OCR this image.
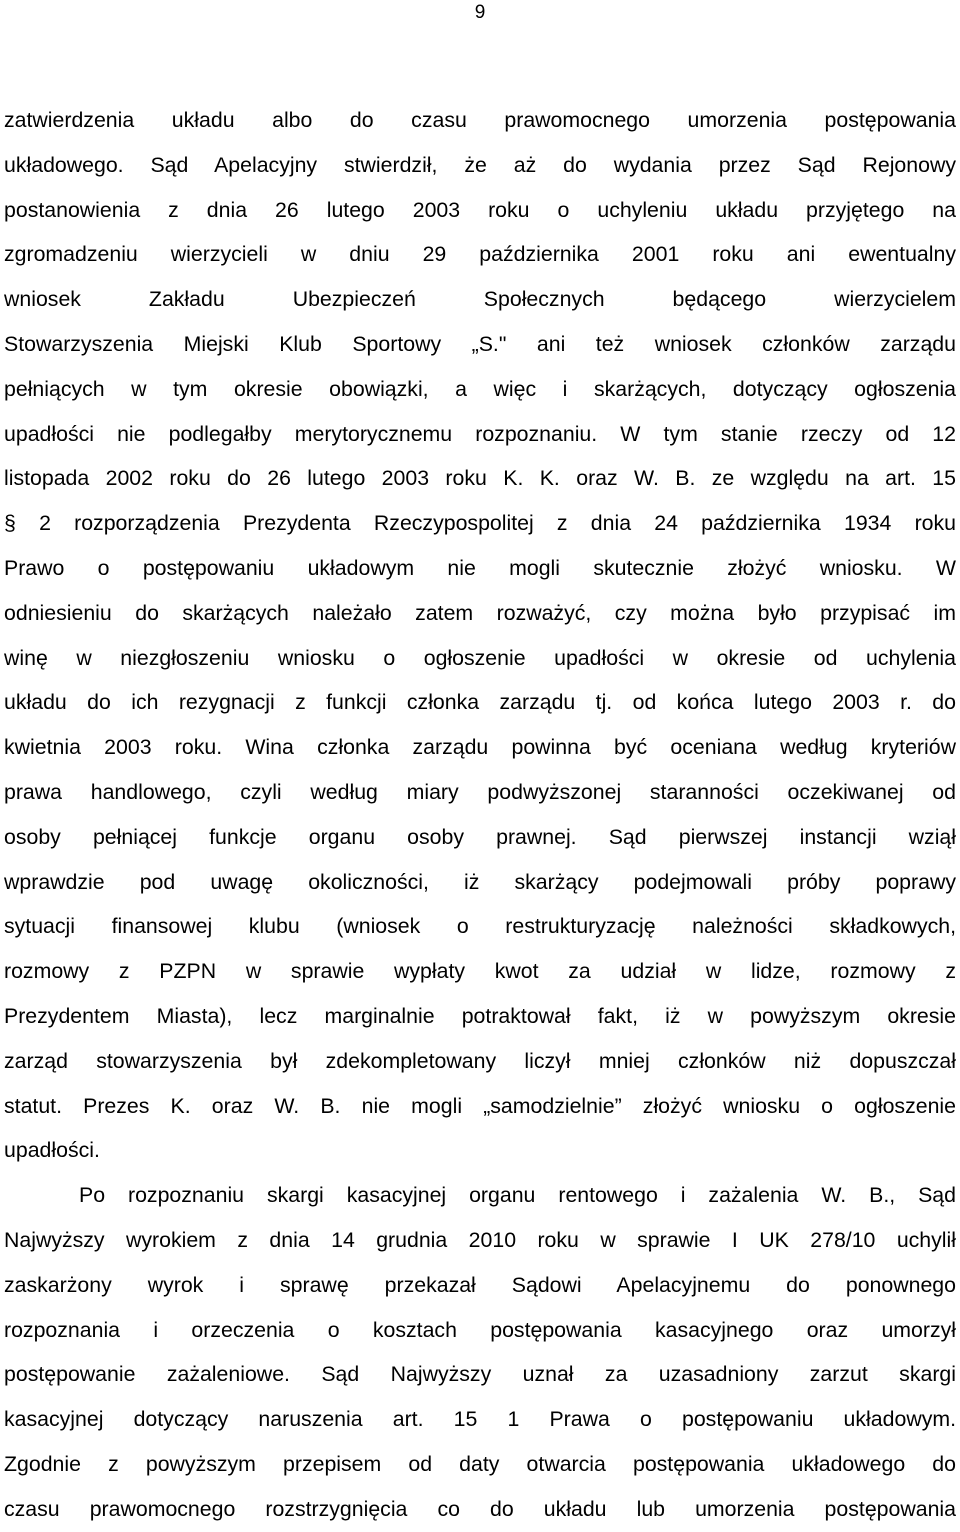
9
zatwierdzenia układu albo do czasu prawomocnego umorzenia postępowania
układowego. Sąd Apelacyjny stwierdził, że aż do wydania przez Sąd Rejonowy
postanowienia z dnia 26 lutego 2003 roku o uchyleniu układu przyjętego na
zgromadzeniu wierzycieli w dniu 29 października 2001 roku ani ewentualny
wniosek Zakładu Ubezpieczeń Społecznych będącego wierzycielem
Stowarzyszenia Miejski Klub Sportowy „S." ani też wniosek członków zarządu
pełniących w tym okresie obowiązki, a więc i skarżących, dotyczący ogłoszenia
upadłości nie podlegałby merytorycznemu rozpoznaniu. W tym stanie rzeczy od 12
listopada 2002 roku do 26 lutego 2003 roku K. K. oraz W. B. ze względu na art. 15
§ 2 rozporządzenia Prezydenta Rzeczypospolitej z dnia 24 października 1934 roku
Prawo o postępowaniu układowym nie mogli skutecznie złożyć wniosku. W
odniesieniu do skarżących należało zatem rozważyć, czy można było przypisać im
winę w niezgłoszeniu wniosku o ogłoszenie upadłości w okresie od uchylenia
układu do ich rezygnacji z funkcji członka zarządu tj. od końca lutego 2003 r. do
kwietnia 2003 roku. Wina członka zarządu powinna być oceniana według kryteriów
prawa handlowego, czyli według miary podwyższonej staranności oczekiwanej od
osoby pełniącej funkcje organu osoby prawnej. Sąd pierwszej instancji wziął
wprawdzie pod uwagę okoliczności, iż skarżący podejmowali próby poprawy
sytuacji finansowej klubu (wniosek o restrukturyzację należności składkowych,
rozmowy z PZPN w sprawie wypłaty kwot za udział w lidze, rozmowy z
Prezydentem Miasta), lecz marginalnie potraktował fakt, iż w powyższym okresie
zarząd stowarzyszenia był zdekompletowany liczył mniej członków niż dopuszczał
statut. Prezes K. oraz W. B. nie mogli „samodzielnie” złożyć wniosku o ogłoszenie
upadłości.
Po rozpoznaniu skargi kasacyjnej organu rentowego i zażalenia W. B., Sąd
Najwyższy wyrokiem z dnia 14 grudnia 2010 roku w sprawie I UK 278/10 uchylił
zaskarżony wyrok i sprawę przekazał Sądowi Apelacyjnemu do ponownego
rozpoznania i orzeczenia o kosztach postępowania kasacyjnego oraz umorzył
postępowanie zażaleniowe. Sąd Najwyższy uznał za uzasadniony zarzut skargi
kasacyjnej dotyczący naruszenia art. 15 1 Prawa o postępowaniu układowym.
Zgodnie z powyższym przepisem od daty otwarcia postępowania układowego do
czasu prawomocnego rozstrzygnięcia co do układu lub umorzenia postępowania
